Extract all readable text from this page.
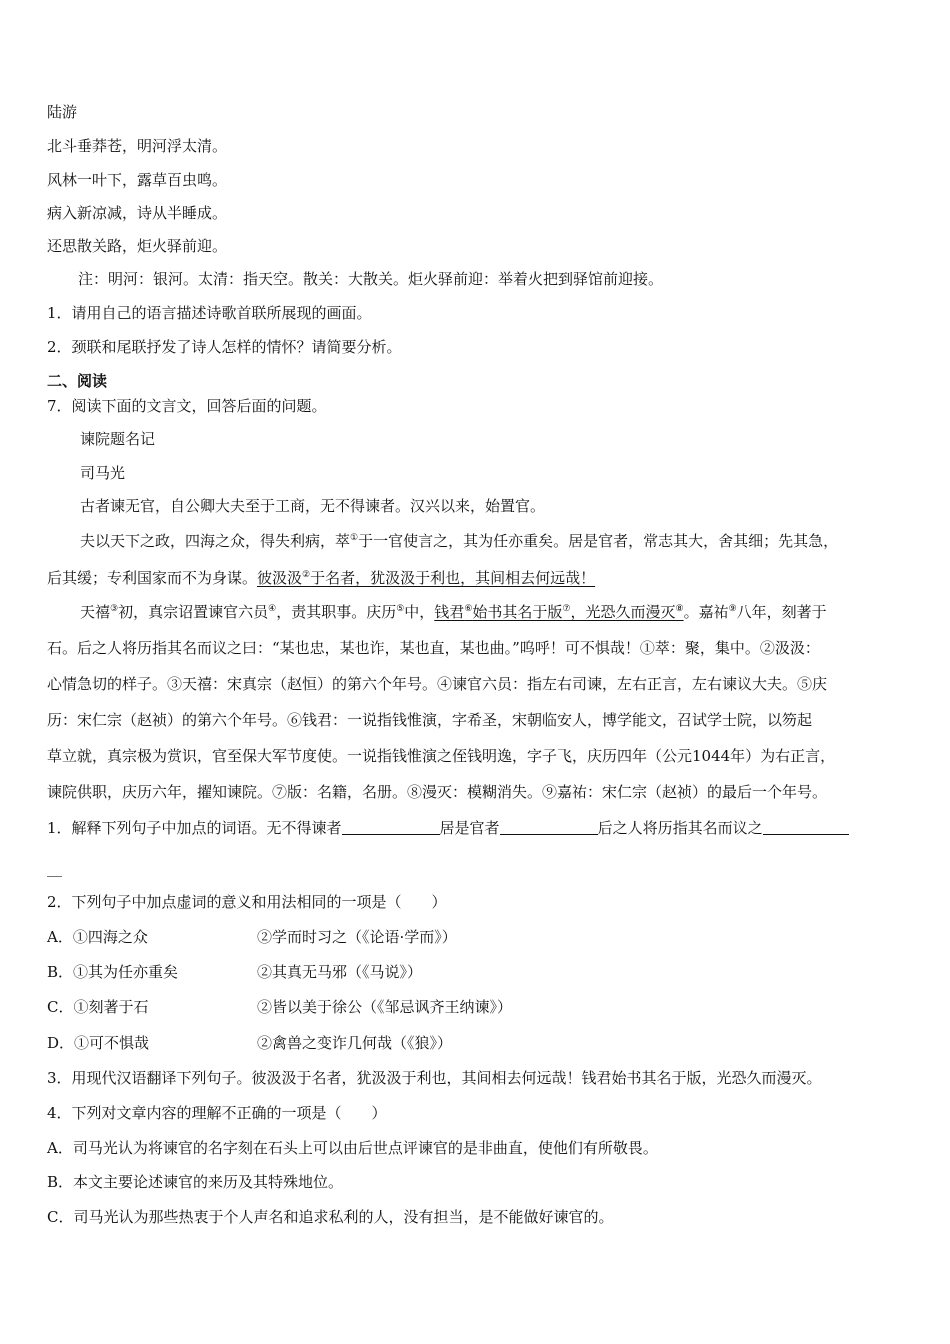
陆游
北斗垂莽苍，明河浮太清。
风林一叶下，露草百虫鸣。
病入新凉减，诗从半睡成。
还思散关路，炬火驿前迎。
注：明河：银河。太清：指天空。散关：大散关。炬火驿前迎：举着火把到驿馆前迎接。
1．请用自己的语言描述诗歌首联所展现的画面。
2．颈联和尾联抒发了诗人怎样的情怀？请简要分析。
二、阅读
7．阅读下面的文言文，回答后面的问题。
谏院题名记
司马光
古者谏无官，自公卿大夫至于工商，无不得谏者。汉兴以来，始置官。
夫以天下之政，四海之众，得失利病，萃①于一官使言之，其为任亦重矣。居是官者，常志其大，舍其细；先其急，
后其缓；专利国家而不为身谋。彼汲汲②于名者，犹汲汲于利也，其间相去何远哉！
天禧③初，真宗诏置谏官六员④，责其职事。庆历⑤中，钱君⑥始书其名于版⑦，光恐久而漫灭⑧。嘉祐⑨八年，刻著于
石。后之人将历指其名而议之曰：“某也忠，某也诈，某也直，某也曲。”呜呼！可不惧哉！①萃：聚，集中。②汲汲：
心情急切的样子。③天禧：宋真宗（赵恒）的第六个年号。④谏官六员：指左右司谏，左右正言，左右谏议大夫。⑤庆
历：宋仁宗（赵祯）的第六个年号。⑥钱君：一说指钱惟演，字希圣，宋朝临安人，博学能文，召试学士院，以笏起
草立就，真宗极为赏识，官至保大军节度使。一说指钱惟演之侄钱明逸，字子飞，庆历四年（公元1044年）为右正言，
谏院供职，庆历六年，擢知谏院。⑦版：名籍，名册。⑧漫灭：模糊消失。⑨嘉祐：宋仁宗（赵祯）的最后一个年号。
1．解释下列句子中加点的词语。无不得谏者	居是官者	后之人将历指其名而议之
__
2．下列句子中加点虚词的意义和用法相同的一项是（　　）
A．①四海之众	②学而时习之（《论语·学而》）
B．①其为任亦重矣	②其真无马邪（《马说》）
C．①刻著于石	②皆以美于徐公（《邹忌讽齐王纳谏》）
D．①可不惧哉	②禽兽之变诈几何哉（《狼》）
3．用现代汉语翻译下列句子。彼汲汲于名者，犹汲汲于利也，其间相去何远哉！钱君始书其名于版，光恐久而漫灭。
4．下列对文章内容的理解不正确的一项是（　　）
A．司马光认为将谏官的名字刻在石头上可以由后世点评谏官的是非曲直，使他们有所敬畏。
B．本文主要论述谏官的来历及其特殊地位。
C．司马光认为那些热衷于个人声名和追求私利的人，没有担当，是不能做好谏官的。
